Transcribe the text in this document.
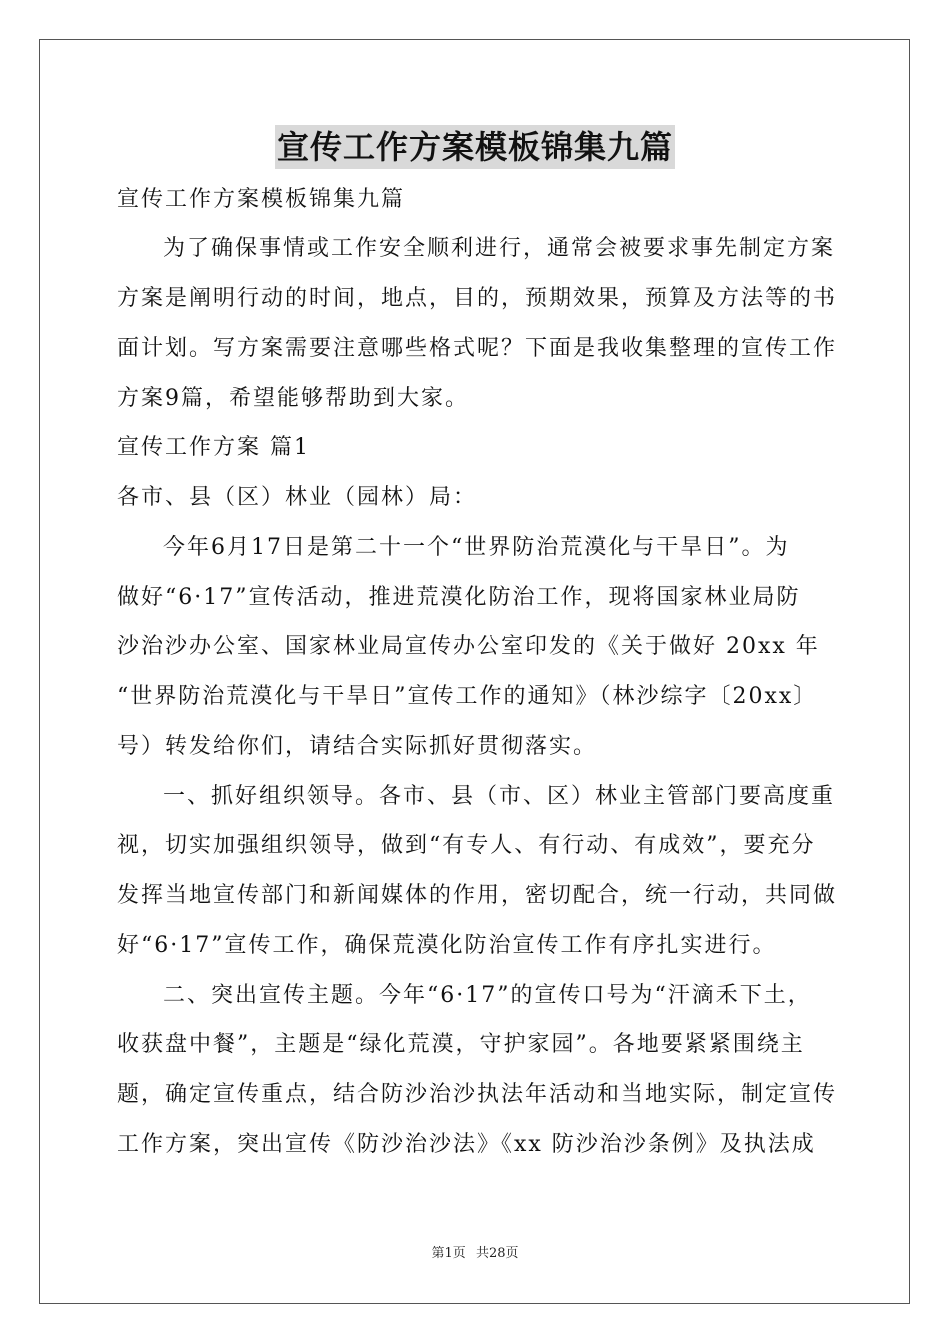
宣传工作方案模板锦集九篇
宣传工作方案模板锦集九篇
为了确保事情或工作安全顺利进行，通常会被要求事先制定方案
方案是阐明行动的时间，地点，目的，预期效果，预算及方法等的书
面计划。写方案需要注意哪些格式呢？下面是我收集整理的宣传工作
方案9篇，希望能够帮助到大家。
宣传工作方案 篇1
各市、县（区）林业（园林）局：
今年6月17日是第二十一个“世界防治荒漠化与干旱日”。为
做好“6·17”宣传活动，推进荒漠化防治工作，现将国家林业局防
沙治沙办公室、国家林业局宣传办公室印发的《关于做好 20xx 年
“世界防治荒漠化与干旱日”宣传工作的通知》（林沙综字〔20xx〕
号）转发给你们，请结合实际抓好贯彻落实。
一、抓好组织领导。各市、县（市、区）林业主管部门要高度重
视，切实加强组织领导，做到“有专人、有行动、有成效”，要充分
发挥当地宣传部门和新闻媒体的作用，密切配合，统一行动，共同做
好“6·17”宣传工作，确保荒漠化防治宣传工作有序扎实进行。
二、突出宣传主题。今年“6·17”的宣传口号为“汗滴禾下土，
收获盘中餐”，主题是“绿化荒漠，守护家园”。各地要紧紧围绕主
题，确定宣传重点，结合防沙治沙执法年活动和当地实际，制定宣传
工作方案，突出宣传《防沙治沙法》《xx 防沙治沙条例》及执法成
第1页 共28页
